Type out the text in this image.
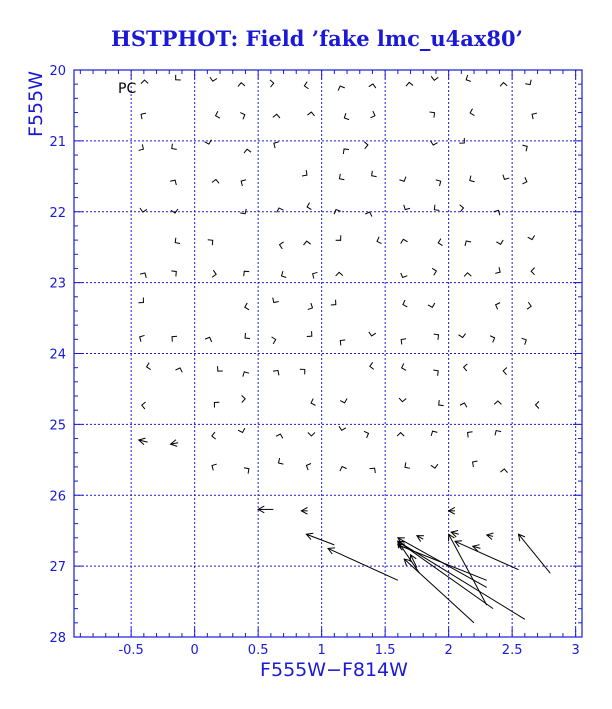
HSTPHOT: Field ’fake lmc_u4ax80’
-0.5	0	0.5	1	1.5	2	2.5	3
20
21
22
23
24
25
26
27
28
PC
F555W−F814W
F555W
